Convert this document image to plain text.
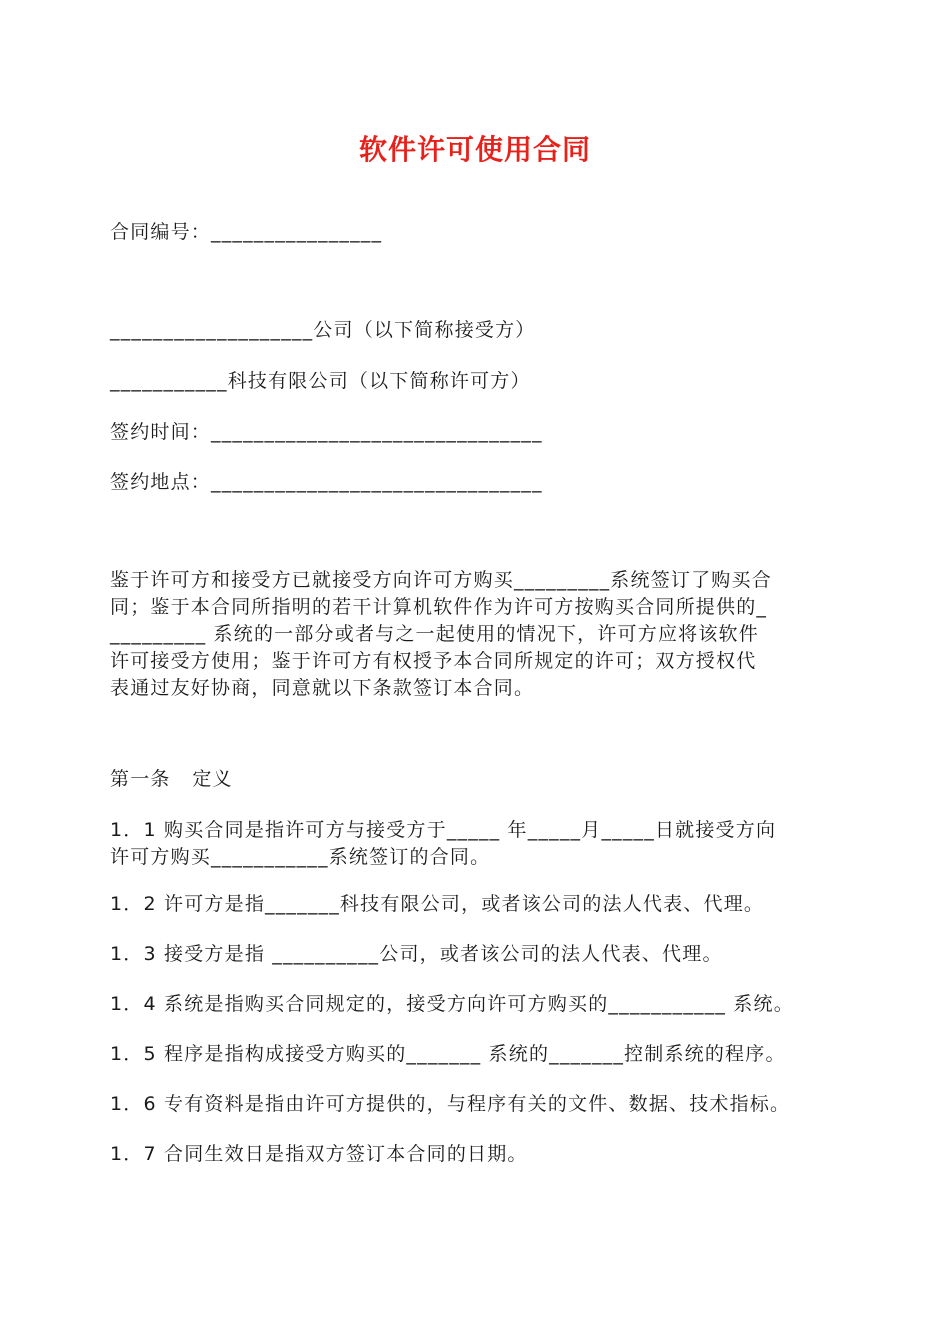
软件许可使用合同

合同编号：________________

___________________公司（以下简称接受方）

___________科技有限公司（以下简称许可方）

签约时间：_______________________________

签约地点：_______________________________

鉴于许可方和接受方已就接受方向许可方购买_________系统签订了购买合
同；鉴于本合同所指明的若干计算机软件作为许可方按购买合同所提供的_
_________ 系统的一部分或者与之一起使用的情况下，许可方应将该软件
许可接受方使用；鉴于许可方有权授予本合同所规定的许可；双方授权代
表通过友好协商，同意就以下条款签订本合同。

第一条   定义

1．1 购买合同是指许可方与接受方于_____ 年_____月_____日就接受方向
许可方购买___________系统签订的合同。

1．2 许可方是指_______科技有限公司，或者该公司的法人代表、代理。

1．3 接受方是指 __________公司，或者该公司的法人代表、代理。

1．4 系统是指购买合同规定的，接受方向许可方购买的___________ 系统。

1．5 程序是指构成接受方购买的_______ 系统的_______控制系统的程序。

1．6 专有资料是指由许可方提供的，与程序有关的文件、数据、技术指标。

1．7 合同生效日是指双方签订本合同的日期。
